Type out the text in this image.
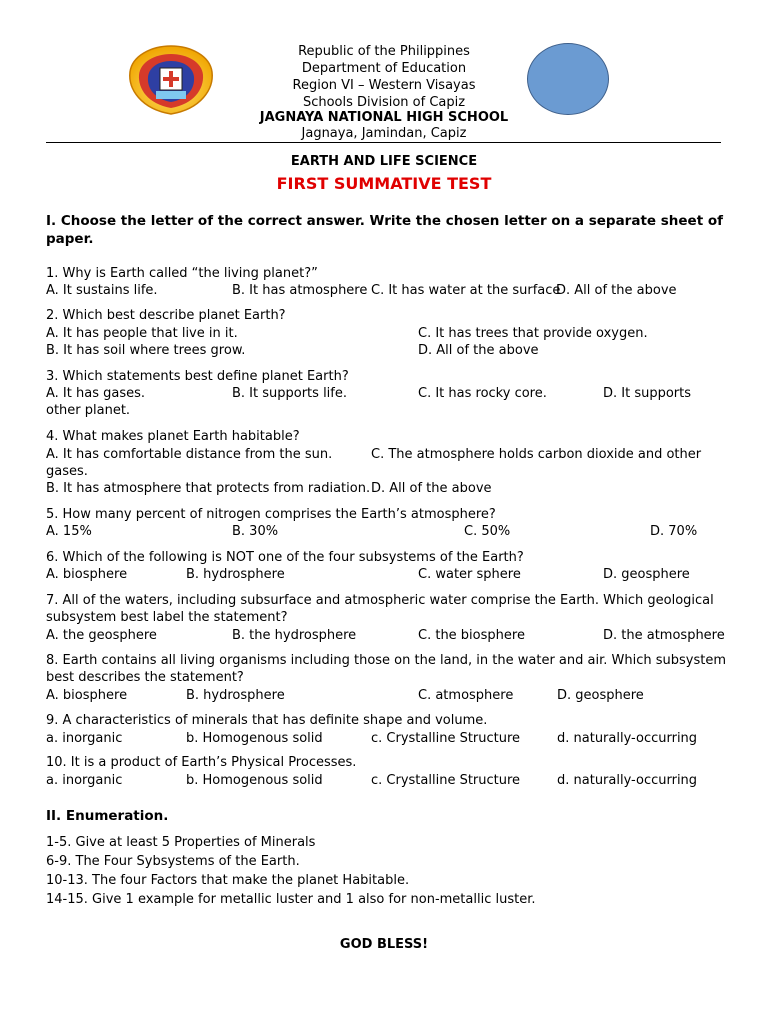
Republic of the Philippines
Department of Education
Region VI – Western Visayas
Schools Division of Capiz
JAGNAYA NATIONAL HIGH SCHOOL
Jagnaya, Jamindan, Capiz
EARTH AND LIFE SCIENCE
FIRST SUMMATIVE TEST
I. Choose the letter of the correct answer. Write the chosen letter on a separate sheet of paper.
1. Why is Earth called “the living planet?”
A. It sustains life.	B. It has atmosphere C. It has water at the surface
D. All of the above
2. Which best describe planet Earth?
A. It has people that live in it.	C. It has trees that provide oxygen.
B. It has soil where trees grow.	D. All of the above
3. Which statements best define planet Earth?
A. It has gases.	B. It supports life.	C. It has rocky core.	D. It supports
other planet.
4. What makes planet Earth habitable?
A. It has comfortable distance from the sun.	C. The atmosphere holds carbon dioxide and other
gases.
B. It has atmosphere that protects from radiation. D. All of the above
5. How many percent of nitrogen comprises the Earth’s atmosphere?
A. 15%	B. 30%	C. 50%	D. 70%
6. Which of the following is NOT one of the four subsystems of the Earth?
A. biosphere	B. hydrosphere	C. water sphere	D. geosphere
7. All of the waters, including subsurface and atmospheric water comprise the Earth. Which geological
subsystem best label the statement?
A. the geosphere	B. the hydrosphere	C. the biosphere	D. the atmosphere
8. Earth contains all living organisms including those on the land, in the water and air. Which subsystem
best describes the statement?
A. biosphere	B. hydrosphere	C. atmosphere	D. geosphere
9. A characteristics of minerals that has definite shape and volume.
a. inorganic	b. Homogenous solid	c. Crystalline Structure	d. naturally-occurring
10. It is a product of Earth’s Physical Processes.
a. inorganic	b. Homogenous solid	c. Crystalline Structure	d. naturally-occurring
II. Enumeration.
1-5. Give at least 5 Properties of Minerals
6-9. The Four Sybsystems of the Earth.
10-13. The four Factors that make the planet Habitable.
14-15. Give 1 example for metallic luster and 1 also for non-metallic luster.
GOD BLESS!
